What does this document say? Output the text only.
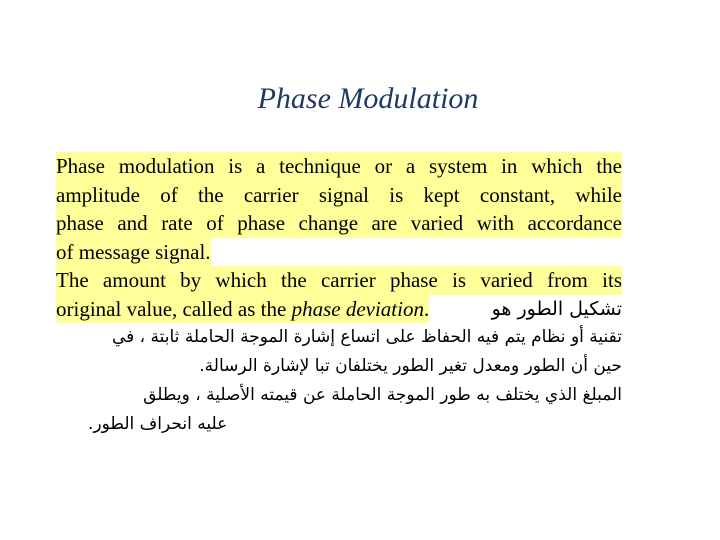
Phase Modulation
Phase modulation is a technique or a system in which the
amplitude of the carrier signal is kept constant, while
phase and rate of phase change are varied with accordance
of message signal.
The amount by which the carrier phase is varied from its
original value, called as the phase deviation.	تشكيل الطور هو
تقنية أو نظام يتم فيه الحفاظ على اتساع إشارة الموجة الحاملة ثابتة ، في
حين أن الطور ومعدل تغير الطور يختلفان تبا لإشارة الرسالة.
المبلغ الذي يختلف به طور الموجة الحاملة عن قيمته الأصلية ، ويطلق
عليه انحراف الطور.
